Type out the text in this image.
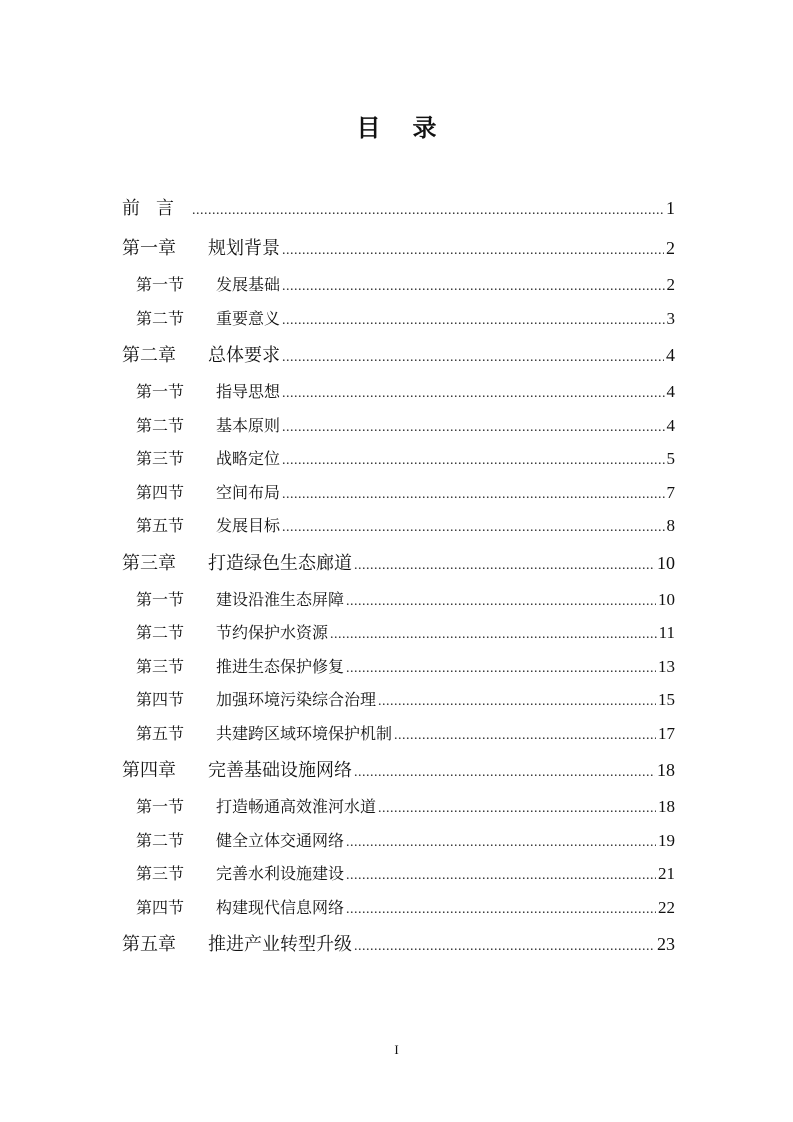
目录
前言 .....	1
第一章	规划背景 .....	2
第一节	发展基础 .....	2
第二节	重要意义 .....	3
第二章	总体要求 .....	4
第一节	指导思想 .....	4
第二节	基本原则 .....	4
第三节	战略定位 .....	5
第四节	空间布局 .....	7
第五节	发展目标 .....	8
第三章	打造绿色生态廊道 .....	10
第一节	建设沿淮生态屏障 .....	10
第二节	节约保护水资源 .....	11
第三节	推进生态保护修复 .....	13
第四节	加强环境污染综合治理 .....	15
第五节	共建跨区域环境保护机制 .....	17
第四章	完善基础设施网络 .....	18
第一节	打造畅通高效淮河水道 .....	18
第二节	健全立体交通网络 .....	19
第三节	完善水利设施建设 .....	21
第四节	构建现代信息网络 .....	22
第五章	推进产业转型升级 .....	23
I
